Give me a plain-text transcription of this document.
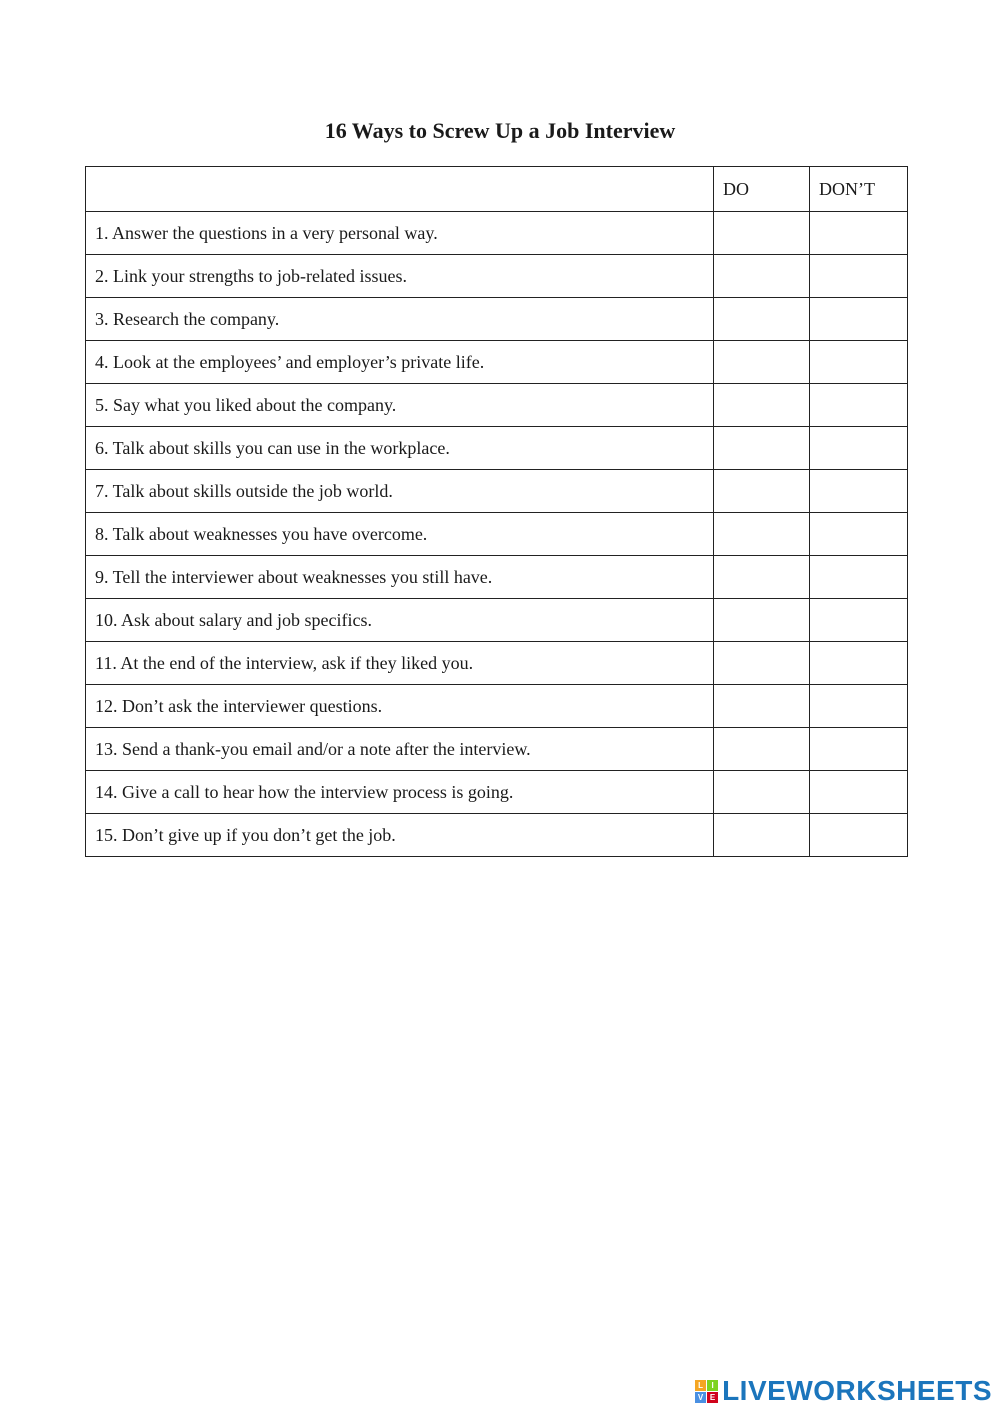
16 Ways to Screw Up a Job Interview
	DO	DON’T
1. Answer the questions in a very personal way.		
2. Link your strengths to job-related issues.		
3. Research the company.		
4. Look at the employees’ and employer’s private life.		
5. Say what you liked about the company.		
6. Talk about skills you can use in the workplace.		
7. Talk about skills outside the job world.		
8. Talk about weaknesses you have overcome.		
9. Tell the interviewer about weaknesses you still have.		
10. Ask about salary and job specifics.		
11. At the end of the interview, ask if they liked you.		
12. Don’t ask the interviewer questions.		
13. Send a thank-you email and/or a note after the interview.		
14. Give a call to hear how the interview process is going.		
15. Don’t give up if you don’t get the job.		
L	I
V E LIVEWORKSHEETS
